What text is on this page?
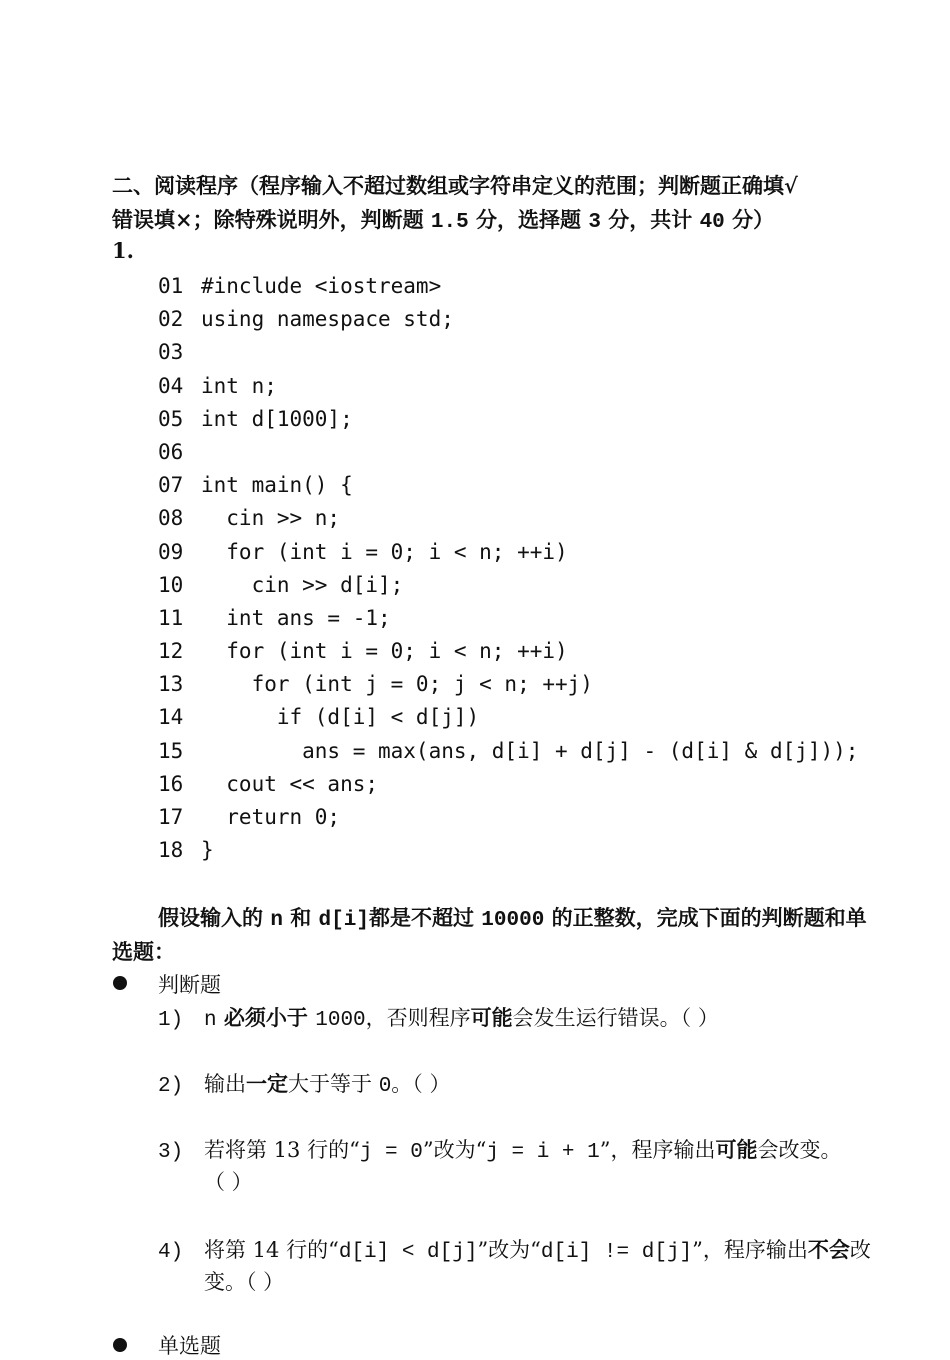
二、阅读程序（程序输入不超过数组或字符串定义的范围；判断题正确填√
错误填×；除特殊说明外，判断题 1.5 分，选择题 3 分，共计 40 分）
1.
01 #include <iostream>
02 using namespace std;
03
04 int n;
05 int d[1000];
06
07 int main() {
08  cin >> n;
09  for (int i = 0; i < n; ++i)
10    cin >> d[i];
11  int ans = -1;
12  for (int i = 0; i < n; ++i)
13    for (int j = 0; j < n; ++j)
14      if (d[i] < d[j])
15        ans = max(ans, d[i] + d[j] - (d[i] & d[j]));
16  cout << ans;
17  return 0;
18 }
假设输入的 n 和 d[i]都是不超过 10000 的正整数，完成下面的判断题和单
选题：
判断题
1) n 必须小于 1000，否则程序可能会发生运行错误。（ ）
2) 输出一定大于等于 0。（ ）
3) 若将第 13 行的“j = 0”改为“j = i + 1”，程序输出可能会改变。
（ ）
4) 将第 14 行的“d[i] < d[j]”改为“d[i] != d[j]”，程序输出不会改
变。（ ）
单选题
